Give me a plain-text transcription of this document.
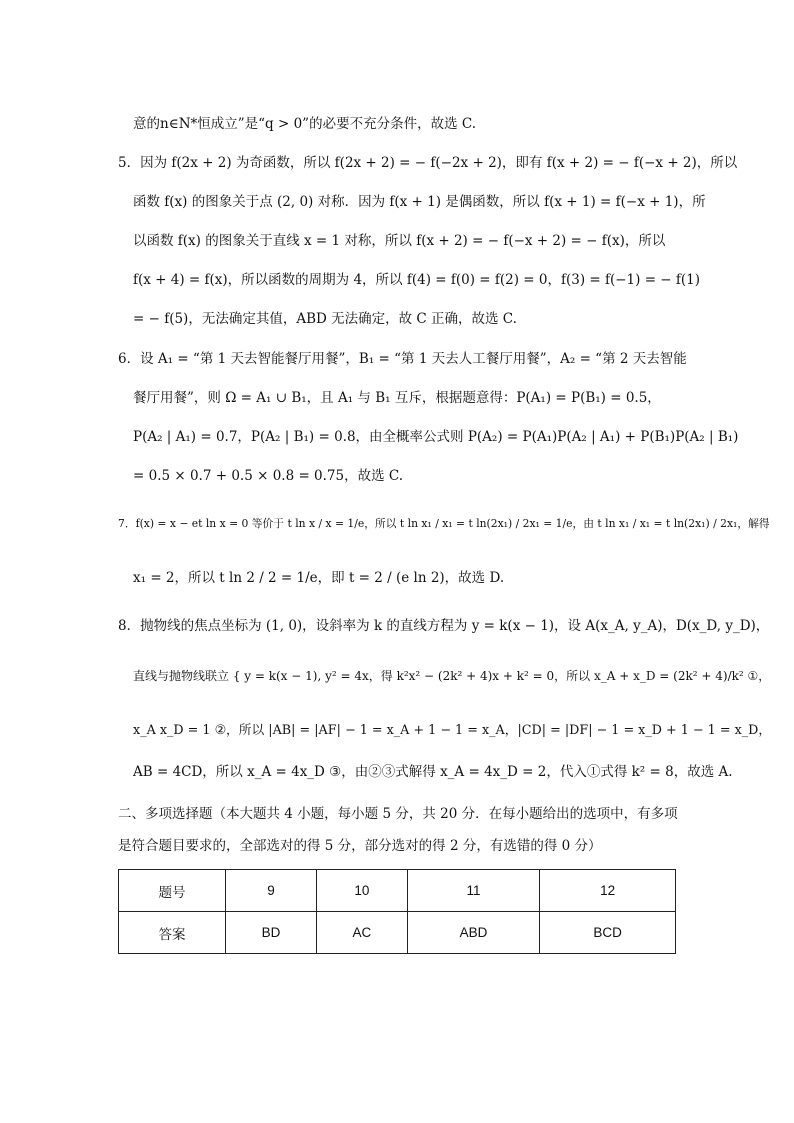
意的n∈N*恒成立”是“q > 0”的必要不充分条件，故选 C.
5．因为 f(2x + 2) 为奇函数，所以 f(2x + 2) = − f(−2x + 2)，即有 f(x + 2) = − f(−x + 2)，所以
函数 f(x) 的图象关于点 (2, 0) 对称．因为 f(x + 1) 是偶函数，所以 f(x + 1) = f(−x + 1)，所
以函数 f(x) 的图象关于直线 x = 1 对称，所以 f(x + 2) = − f(−x + 2) = − f(x)，所以
f(x + 4) = f(x)，所以函数的周期为 4，所以 f(4) = f(0) = f(2) = 0，f(3) = f(−1) = − f(1)
= − f(5)，无法确定其值，ABD 无法确定，故 C 正确，故选 C.
6．设 A₁ = “第 1 天去智能餐厅用餐”，B₁ = “第 1 天去人工餐厅用餐”，A₂ = “第 2 天去智能
餐厅用餐”，则 Ω = A₁ ∪ B₁，且 A₁ 与 B₁ 互斥，根据题意得：P(A₁) = P(B₁) = 0.5，
P(A₂ | A₁) = 0.7，P(A₂ | B₁) = 0.8，由全概率公式则 P(A₂) = P(A₁)P(A₂ | A₁) + P(B₁)P(A₂ | B₁)
= 0.5 × 0.7 + 0.5 × 0.8 = 0.75，故选 C.
7．f(x) = x − et ln x = 0 等价于 t ln x / x = 1/e，所以 t ln x₁ / x₁ = t ln(2x₁) / 2x₁ = 1/e，由 t ln x₁ / x₁ = t ln(2x₁) / 2x₁，解得
x₁ = 2，所以 t ln 2 / 2 = 1/e，即 t = 2 / (e ln 2)，故选 D.
8．抛物线的焦点坐标为 (1, 0)，设斜率为 k 的直线方程为 y = k(x − 1)，设 A(x_A, y_A)，D(x_D, y_D)，
直线与抛物线联立 { y = k(x − 1), y² = 4x，得 k²x² − (2k² + 4)x + k² = 0，所以 x_A + x_D = (2k² + 4)/k² ①，
x_A x_D = 1 ②，所以 |AB| = |AF| − 1 = x_A + 1 − 1 = x_A，|CD| = |DF| − 1 = x_D + 1 − 1 = x_D，
AB = 4CD，所以 x_A = 4x_D ③，由②③式解得 x_A = 4x_D = 2，代入①式得 k² = 8，故选 A.
二、多项选择题（本大题共 4 小题，每小题 5 分，共 20 分．在每小题给出的选项中，有多项
是符合题目要求的，全部选对的得 5 分，部分选对的得 2 分，有选错的得 0 分）
题号	9	10	11	12
答案	BD	AC	ABD	BCD
